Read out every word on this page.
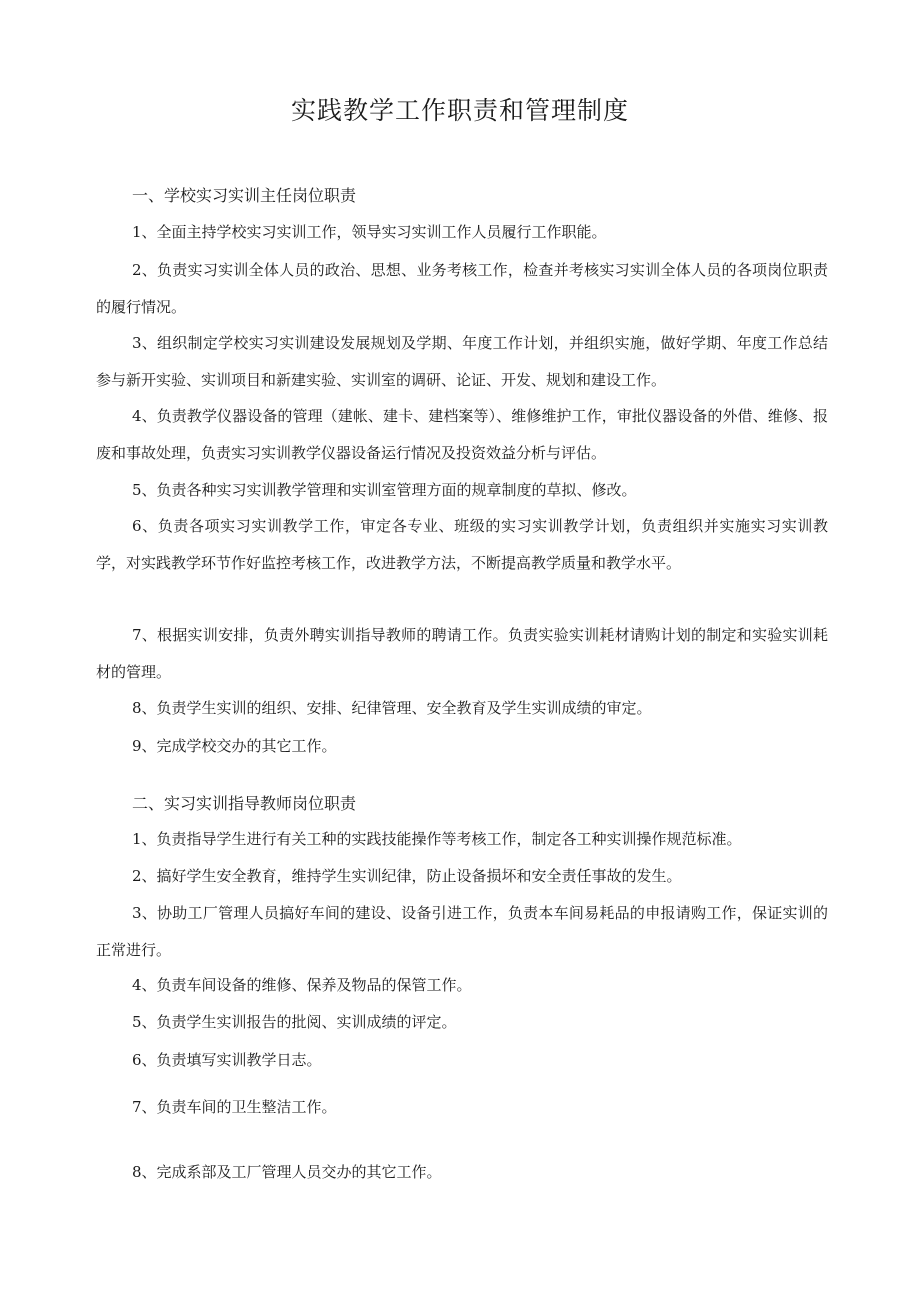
实践教学工作职责和管理制度
一、学校实习实训主任岗位职责
1、全面主持学校实习实训工作，领导实习实训工作人员履行工作职能。
2、负责实习实训全体人员的政治、思想、业务考核工作，检查并考核实习实训全体人员的各项岗位职责的履行情况。
3、组织制定学校实习实训建设发展规划及学期、年度工作计划，并组织实施，做好学期、年度工作总结 参与新开实验、实训项目和新建实验、实训室的调研、论证、开发、规划和建设工作。
4、负责教学仪器设备的管理（建帐、建卡、建档案等）、维修维护工作，审批仪器设备的外借、维修、报废和事故处理，负责实习实训教学仪器设备运行情况及投资效益分析与评估。
5、负责各种实习实训教学管理和实训室管理方面的规章制度的草拟、修改。
6、负责各项实习实训教学工作，审定各专业、班级的实习实训教学计划，负责组织并实施实习实训教学，对实践教学环节作好监控考核工作，改进教学方法，不断提高教学质量和教学水平。
7、根据实训安排，负责外聘实训指导教师的聘请工作。负责实验实训耗材请购计划的制定和实验实训耗材的管理。
8、负责学生实训的组织、安排、纪律管理、安全教育及学生实训成绩的审定。
9、完成学校交办的其它工作。
二、实习实训指导教师岗位职责
1、负责指导学生进行有关工种的实践技能操作等考核工作，制定各工种实训操作规范标准。
2、搞好学生安全教育，维持学生实训纪律，防止设备损坏和安全责任事故的发生。
3、协助工厂管理人员搞好车间的建设、设备引进工作，负责本车间易耗品的申报请购工作，保证实训的正常进行。
4、负责车间设备的维修、保养及物品的保管工作。
5、负责学生实训报告的批阅、实训成绩的评定。
6、负责填写实训教学日志。
7、负责车间的卫生整洁工作。
8、完成系部及工厂管理人员交办的其它工作。
